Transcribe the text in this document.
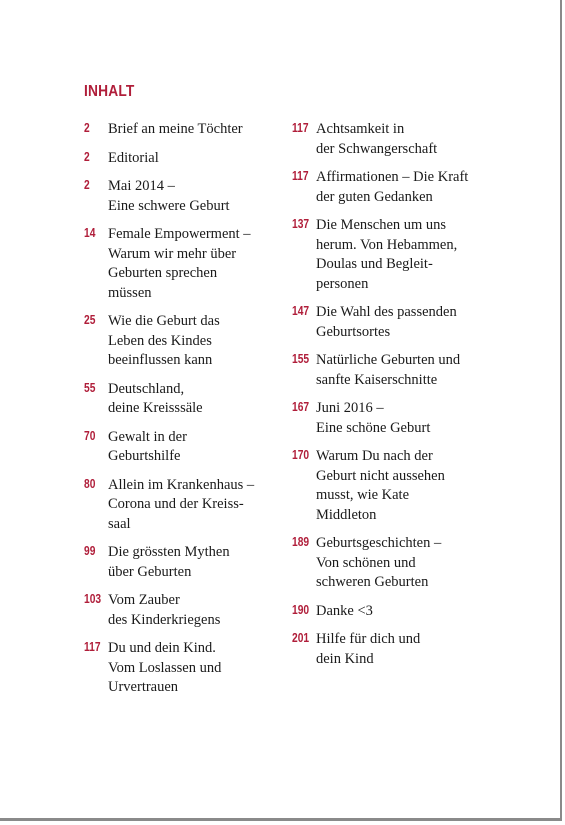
INHALT
2 Brief an meine Töchter
2 Editorial
2 Mai 2014 –
Eine schwere Geburt
14 Female Empowerment –
Warum wir mehr über
Geburten sprechen
müssen
25 Wie die Geburt das
Leben des Kindes
beeinflussen kann
55 Deutschland,
deine Kreisssäle
70 Gewalt in der
Geburtshilfe
80 Allein im Krankenhaus –
Corona und der Kreiss-
saal
99 Die grössten Mythen
über Geburten
103 Vom Zauber
des Kinderkriegens
117 Du und dein Kind.
Vom Loslassen und
Urvertrauen
117 Achtsamkeit in
der Schwangerschaft
117 Affirmationen – Die Kraft
der guten Gedanken
137 Die Menschen um uns
herum. Von Hebammen,
Doulas und Begleit-
personen
147 Die Wahl des passenden
Geburtsortes
155 Natürliche Geburten und
sanfte Kaiserschnitte
167 Juni 2016 –
Eine schöne Geburt
170 Warum Du nach der
Geburt nicht aussehen
musst, wie Kate
Middleton
189 Geburtsgeschichten –
Von schönen und
schweren Geburten
190 Danke <3
201 Hilfe für dich und
dein Kind
